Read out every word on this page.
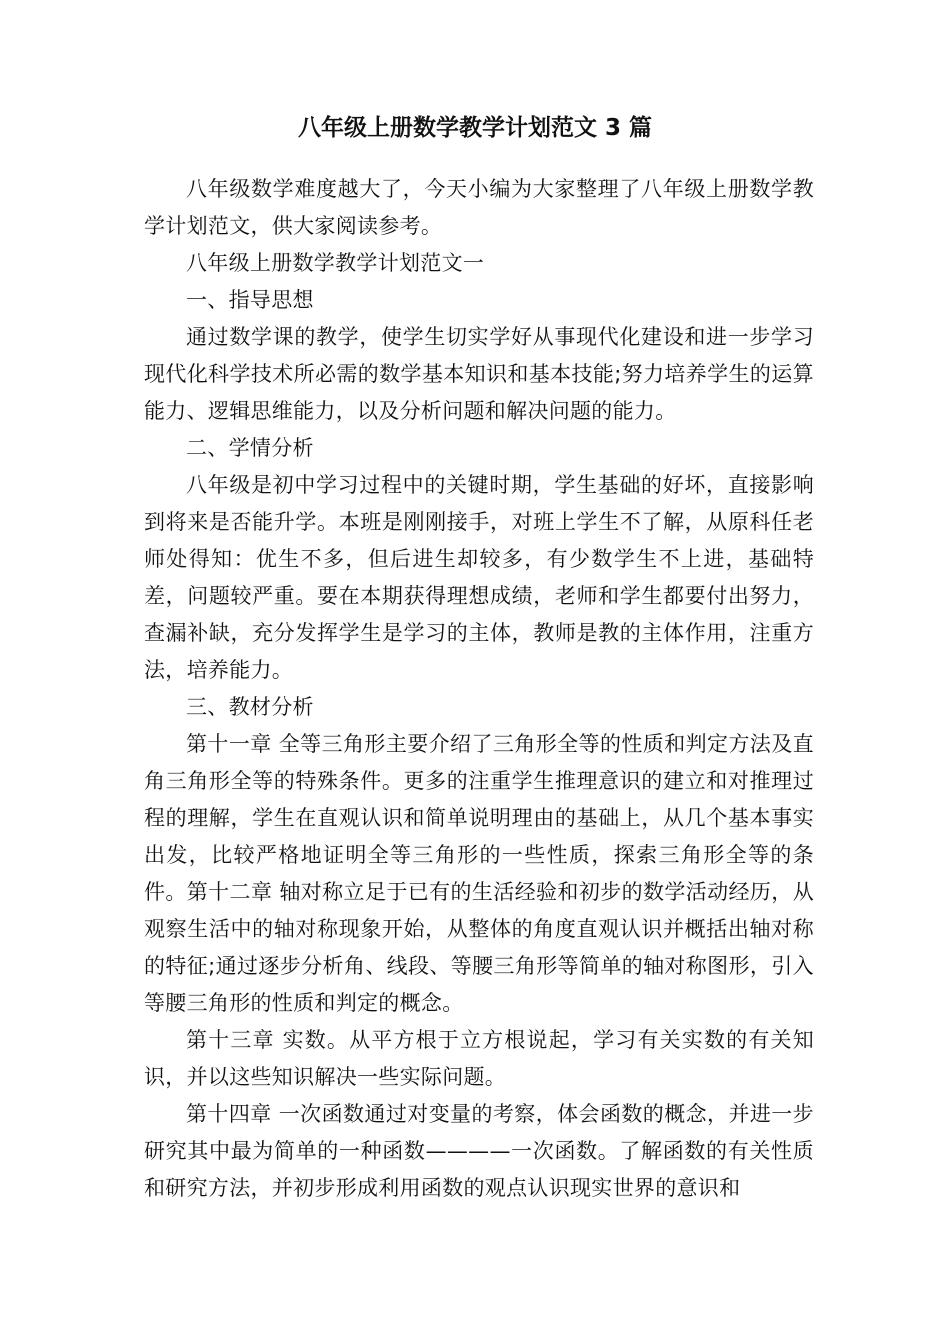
八年级上册数学教学计划范文 3 篇

八年级数学难度越大了，今天小编为大家整理了八年级上册数学教学计划范文，供大家阅读参考。

八年级上册数学教学计划范文一

一、指导思想

通过数学课的教学，使学生切实学好从事现代化建设和进一步学习现代化科学技术所必需的数学基本知识和基本技能;努力培养学生的运算能力、逻辑思维能力，以及分析问题和解决问题的能力。

二、学情分析

八年级是初中学习过程中的关键时期，学生基础的好坏，直接影响到将来是否能升学。本班是刚刚接手，对班上学生不了解，从原科任老师处得知：优生不多，但后进生却较多，有少数学生不上进，基础特差，问题较严重。要在本期获得理想成绩，老师和学生都要付出努力，查漏补缺，充分发挥学生是学习的主体，教师是教的主体作用，注重方法，培养能力。

三、教材分析

第十一章 全等三角形主要介绍了三角形全等的性质和判定方法及直角三角形全等的特殊条件。更多的注重学生推理意识的建立和对推理过程的理解，学生在直观认识和简单说明理由的基础上，从几个基本事实出发，比较严格地证明全等三角形的一些性质，探索三角形全等的条件。第十二章 轴对称立足于已有的生活经验和初步的数学活动经历，从观察生活中的轴对称现象开始，从整体的角度直观认识并概括出轴对称的特征;通过逐步分析角、线段、等腰三角形等简单的轴对称图形，引入等腰三角形的性质和判定的概念。

第十三章 实数。从平方根于立方根说起，学习有关实数的有关知识，并以这些知识解决一些实际问题。

第十四章 一次函数通过对变量的考察，体会函数的概念，并进一步研究其中最为简单的一种函数————一次函数。了解函数的有关性质和研究方法，并初步形成利用函数的观点认识现实世界的意识和
